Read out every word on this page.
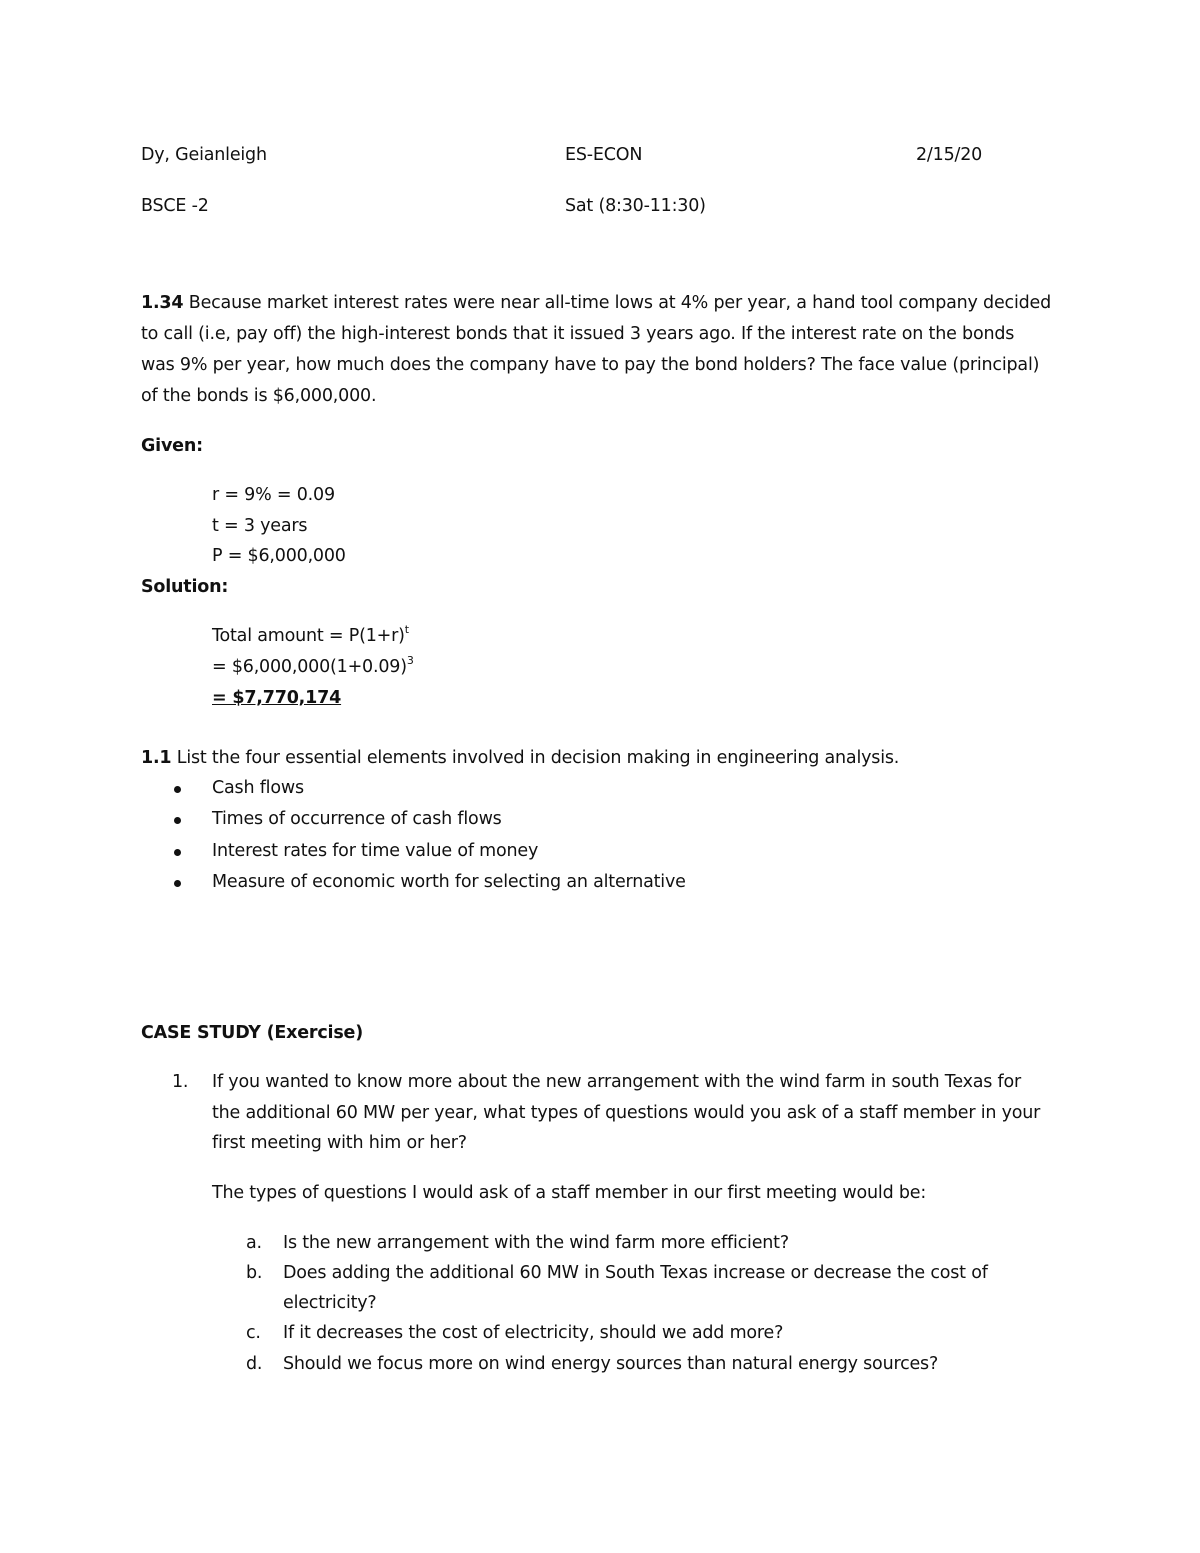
Dy, Geianleigh	ES-ECON	2/15/20
BSCE -2	Sat (8:30-11:30)
1.34 Because market interest rates were near all-time lows at 4% per year, a hand tool company decided
to call (i.e, pay off) the high-interest bonds that it issued 3 years ago. If the interest rate on the bonds
was 9% per year, how much does the company have to pay the bond holders? The face value (principal)
of the bonds is $6,000,000.
Given:
r = 9% = 0.09
t = 3 years
P = $6,000,000
Solution:
Total amount = $P(1+r)^t$
= $\$6,000,000(1+0.09)^3$
= $7,770,174
1.1 List the four essential elements involved in decision making in engineering analysis.
Cash flows
Times of occurrence of cash flows
Interest rates for time value of money
Measure of economic worth for selecting an alternative
CASE STUDY (Exercise)
1. If you wanted to know more about the new arrangement with the wind farm in south Texas for
the additional 60 MW per year, what types of questions would you ask of a staff member in your
first meeting with him or her?
The types of questions I would ask of a staff member in our first meeting would be:
a. Is the new arrangement with the wind farm more efficient?
b. Does adding the additional 60 MW in South Texas increase or decrease the cost of
electricity?
c. If it decreases the cost of electricity, should we add more?
d. Should we focus more on wind energy sources than natural energy sources?
